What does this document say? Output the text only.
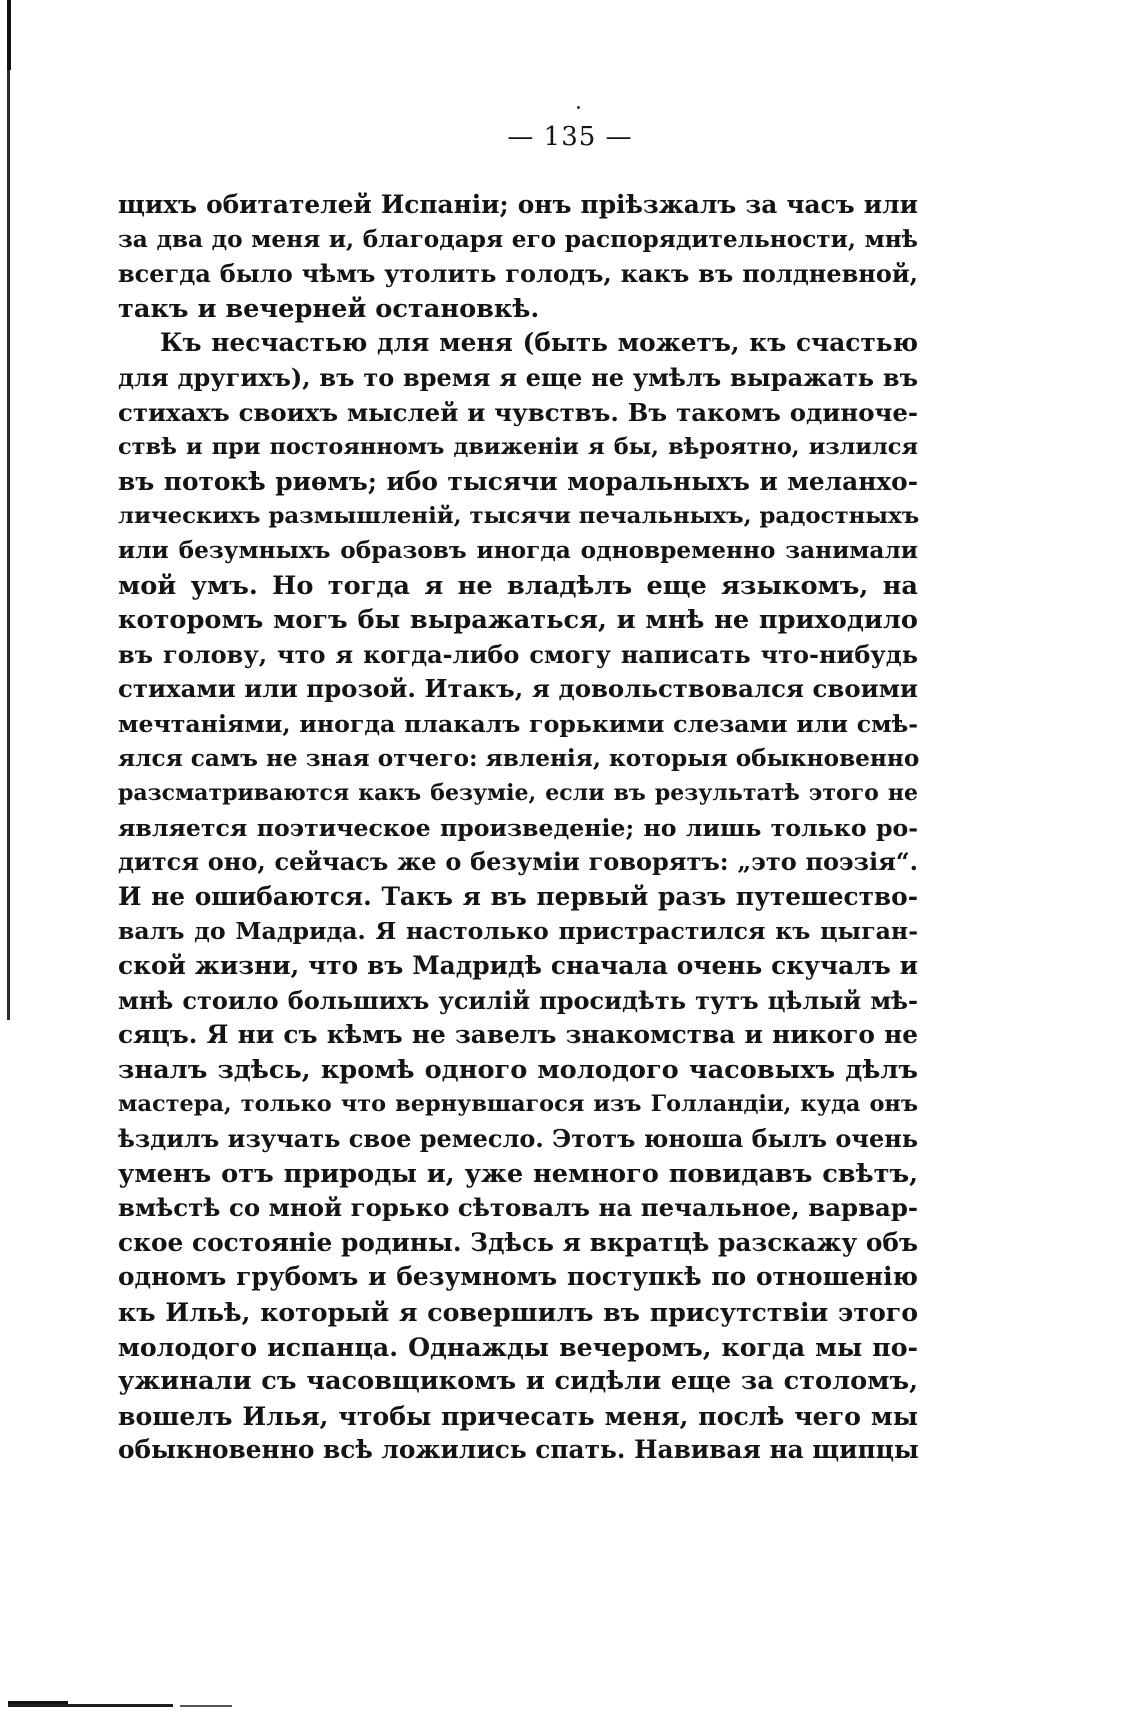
— 135 —
щихъ обитателей Испаніи; онъ пріѣзжалъ за часъ или
за два до меня и, благодаря его распорядительности, мнѣ
всегда было чѣмъ утолить голодъ, какъ въ полдневной,
такъ и вечерней остановкѣ.
Къ несчастью для меня (быть можетъ, къ счастью
для другихъ), въ то время я еще не умѣлъ выражать въ
стихахъ своихъ мыслей и чувствъ. Въ такомъ одиноче-
ствѣ и при постоянномъ движеніи я бы, вѣроятно, излился
въ потокѣ риѳмъ; ибо тысячи моральныхъ и меланхо-
лическихъ размышленій, тысячи печальныхъ, радостныхъ
или безумныхъ образовъ иногда одновременно занимали
мой умъ. Но тогда я не владѣлъ еще языкомъ, на
которомъ могъ бы выражаться, и мнѣ не приходило
въ голову, что я когда-либо смогу написать что-нибудь
стихами или прозой. Итакъ, я довольствовался своими
мечтаніями, иногда плакалъ горькими слезами или смѣ-
ялся самъ не зная отчего: явленія, которыя обыкновенно
разсматриваются какъ безуміе, если въ результатѣ этого не
является поэтическое произведеніе; но лишь только ро-
дится оно, сейчасъ же о безуміи говорятъ: „это поэзія“.
И не ошибаются. Такъ я въ первый разъ путешество-
валъ до Мадрида. Я настолько пристрастился къ цыган-
ской жизни, что въ Мадридѣ сначала очень скучалъ и
мнѣ стоило большихъ усилій просидѣть тутъ цѣлый мѣ-
сяцъ. Я ни съ кѣмъ не завелъ знакомства и никого не
зналъ здѣсь, кромѣ одного молодого часовыхъ дѣлъ
мастера, только что вернувшагося изъ Голландіи, куда онъ
ѣздилъ изучать свое ремесло. Этотъ юноша былъ очень
уменъ отъ природы и, уже немного повидавъ свѣтъ,
вмѣстѣ со мной горько сѣтовалъ на печальное, варвар-
ское состояніе родины. Здѣсь я вкратцѣ разскажу объ
одномъ грубомъ и безумномъ поступкѣ по отношенію
къ Ильѣ, который я совершилъ въ присутствіи этого
молодого испанца. Однажды вечеромъ, когда мы по-
ужинали съ часовщикомъ и сидѣли еще за столомъ,
вошелъ Илья, чтобы причесать меня, послѣ чего мы
обыкновенно всѣ ложились спать. Навивая на щипцы
